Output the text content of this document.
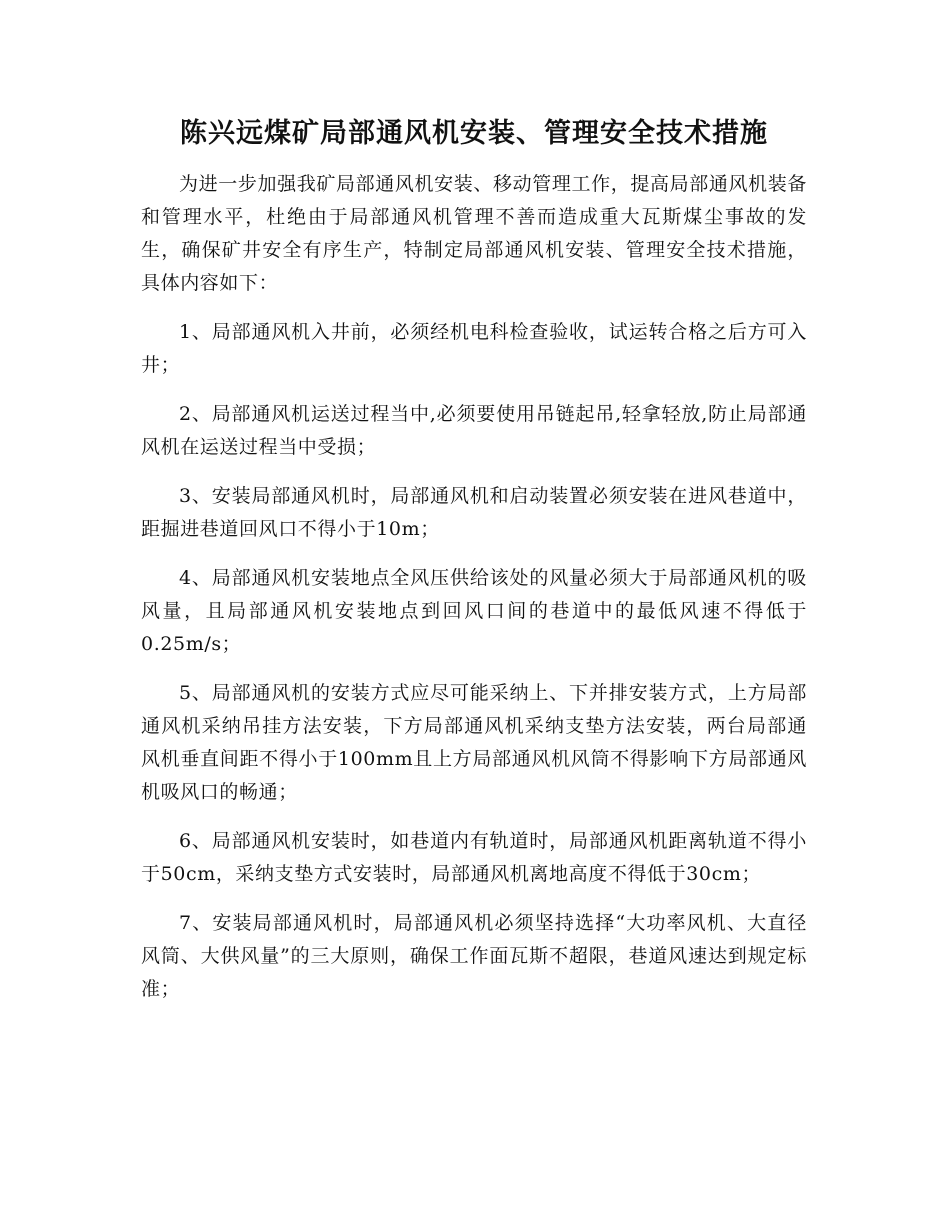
陈兴远煤矿局部通风机安装、管理安全技术措施

为进一步加强我矿局部通风机安装、移动管理工作，提高局部通风机装备和管理水平，杜绝由于局部通风机管理不善而造成重大瓦斯煤尘事故的发生，确保矿井安全有序生产，特制定局部通风机安装、管理安全技术措施，具体内容如下：

1、局部通风机入井前，必须经机电科检查验收，试运转合格之后方可入井；

2、局部通风机运送过程当中,必须要使用吊链起吊,轻拿轻放,防止局部通风机在运送过程当中受损；

3、安装局部通风机时，局部通风机和启动装置必须安装在进风巷道中，距掘进巷道回风口不得小于10m；

4、局部通风机安装地点全风压供给该处的风量必须大于局部通风机的吸风量，且局部通风机安装地点到回风口间的巷道中的最低风速不得低于0.25m/s；

5、局部通风机的安装方式应尽可能采纳上、下并排安装方式，上方局部通风机采纳吊挂方法安装，下方局部通风机采纳支垫方法安装，两台局部通风机垂直间距不得小于100mm且上方局部通风机风筒不得影响下方局部通风机吸风口的畅通；

6、局部通风机安装时，如巷道内有轨道时，局部通风机距离轨道不得小于50cm，采纳支垫方式安装时，局部通风机离地高度不得低于30cm；

7、安装局部通风机时，局部通风机必须坚持选择“大功率风机、大直径风筒、大供风量”的三大原则，确保工作面瓦斯不超限，巷道风速达到规定标准；
